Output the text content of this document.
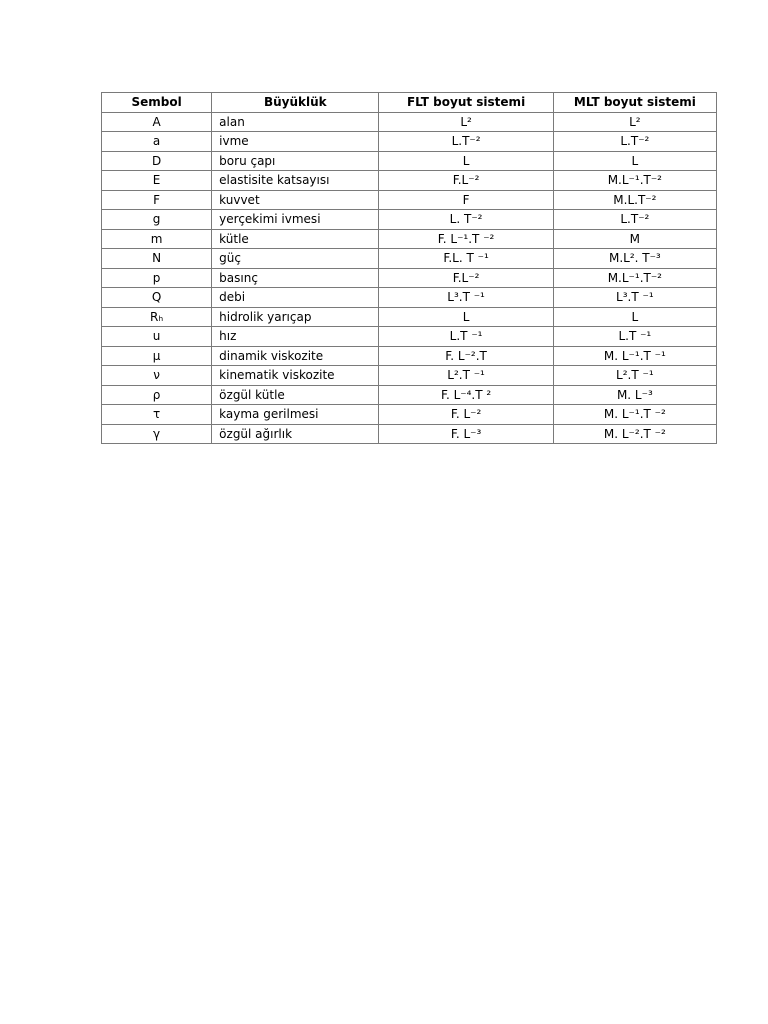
Sembol	Büyüklük	FLT boyut sistemi	MLT boyut sistemi
A	alan	L²	L²
a	ivme	L.T⁻²	L.T⁻²
D	boru çapı	L	L
E	elastisite katsayısı	F.L⁻²	M.L⁻¹.T⁻²
F	kuvvet	F	M.L.T⁻²
g	yerçekimi ivmesi	L. T⁻²	L.T⁻²
m	kütle	F. L⁻¹.T ⁻²	M
N	güç	F.L. T ⁻¹	M.L². T⁻³
p	basınç	F.L⁻²	M.L⁻¹.T⁻²
Q	debi	L³.T ⁻¹	L³.T ⁻¹
Rₕ	hidrolik yarıçap	L	L
u	hız	L.T ⁻¹	L.T ⁻¹
μ	dinamik viskozite	F. L⁻².T	M. L⁻¹.T ⁻¹
ν	kinematik viskozite	L².T ⁻¹	L².T ⁻¹
ρ	özgül kütle	F. L⁻⁴.T ²	M. L⁻³
τ	kayma gerilmesi	F. L⁻²	M. L⁻¹.T ⁻²
γ	özgül ağırlık	F. L⁻³	M. L⁻².T ⁻²
